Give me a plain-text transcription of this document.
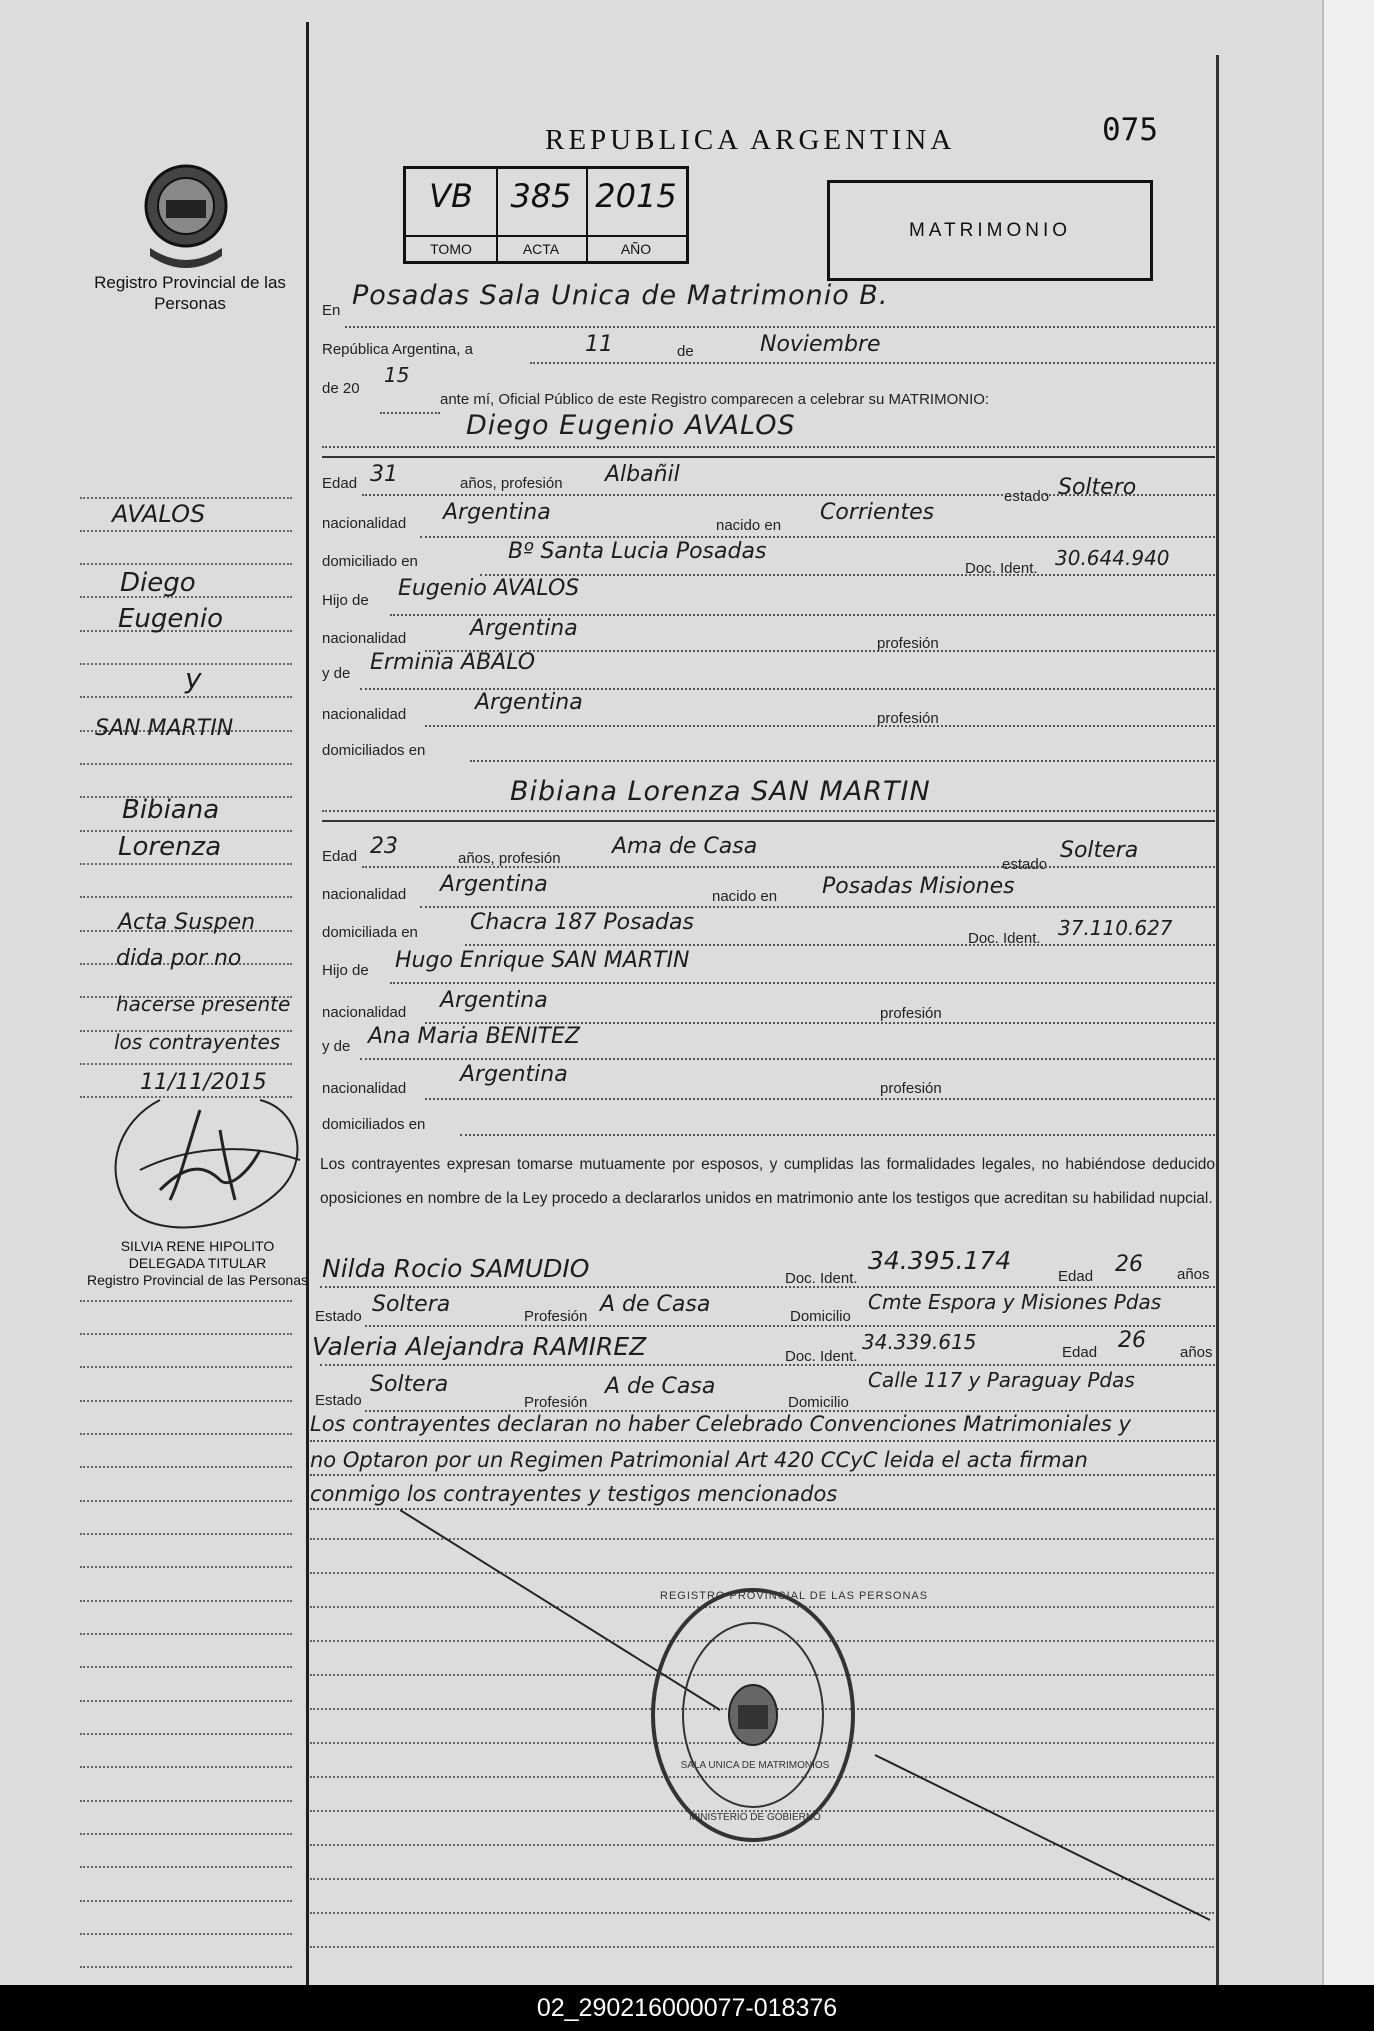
Registro Provincial de las Personas
REPUBLICA ARGENTINA	075
VB
TOMO
385
ACTA
2015
AÑO
MATRIMONIO
En Posadas Sala Unica de Matrimonio B.
República Argentina, a	11	de	Noviembre
de 20
15
ante mí, Oficial Público de este Registro comparecen a celebrar su MATRIMONIO:
Diego Eugenio AVALOS
Edad 31	años, profesión Albañil
estado Soltero
nacionalidad Argentina
nacido en
Corrientes
domiciliado en	Bº Santa Lucia Posadas
Doc. Ident. 30.644.940
Hijo de Eugenio AVALOS
nacionalidad	Argentina
profesión
y de Erminia ABALO
nacionalidad	Argentina
profesión
domiciliados en
Bibiana Lorenza SAN MARTIN
Edad 23	años, profesión Ama de Casa
estado
Soltera
nacionalidad Argentina	nacido en Posadas Misiones
domiciliada en Chacra 187 Posadas
Doc. Ident. 37.110.627
Hijo de Hugo Enrique SAN MARTIN
nacionalidad Argentina
profesión
y de Ana Maria BENITEZ
nacionalidad
Argentina
profesión
domiciliados en
Los contrayentes expresan tomarse mutuamente por esposos, y cumplidas las formalidades legales, no habiéndose deducido oposiciones en nombre de la Ley procedo a declararlos unidos en matrimonio ante los testigos que acreditan su habilidad nupcial.
Nilda Rocio SAMUDIO	Doc. Ident.
34.395.174
Edad 26 años
Estado Soltera	Profesión A de Casa	Domicilio
Cmte Espora y Misiones Pdas
Valeria Alejandra RAMIREZ	Doc. Ident.
34.339.615	Edad 26 años
Estado
Soltera
Profesión
A de Casa
Domicilio
Calle 117 y Paraguay Pdas
Los contrayentes declaran no haber Celebrado Convenciones Matrimoniales y
no Optaron por un Regimen Patrimonial Art 420 CCyC leida el acta firman
conmigo los contrayentes y testigos mencionados
REGISTRO PROVINCIAL DE LAS PERSONAS
SALA UNICA DE MATRIMONIOS
MINISTERIO DE GOBIERNO
AVALOS
Diego
Eugenio
y
SAN MARTIN
Bibiana
Lorenza
Acta Suspen
dida por no
hacerse presente
los contrayentes
11/11/2015
SILVIA RENE HIPOLITO
DELEGADA TITULAR
Registro Provincial de las Personas
02_290216000077-018376
